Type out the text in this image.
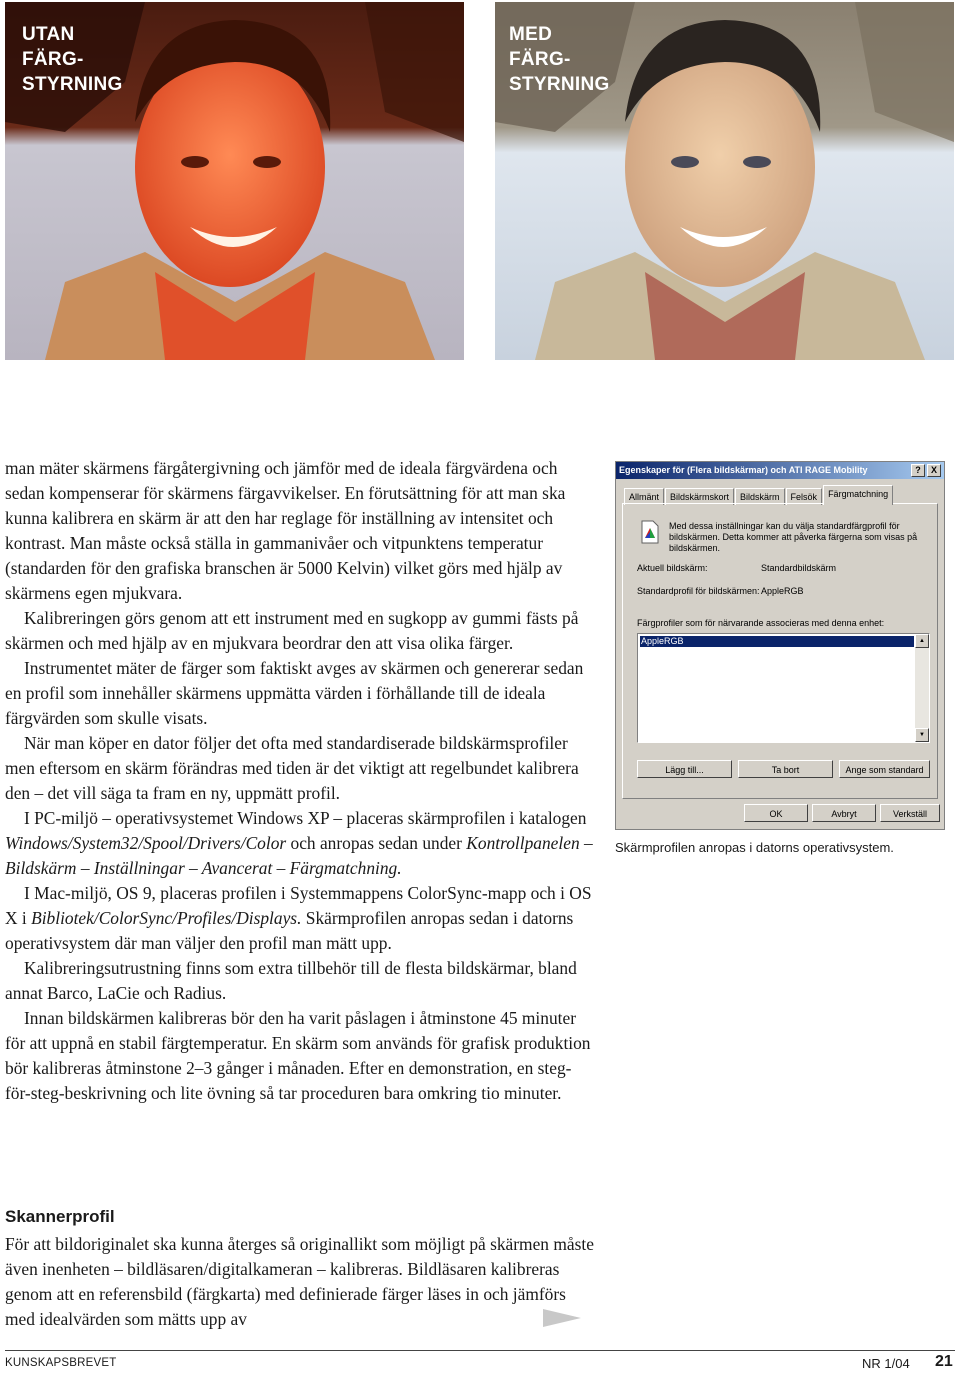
UTAN
FÄRG-
STYRNING
MED
FÄRG-
STYRNING

man mäter skärmens färgåtergivning och jämför med de ideala färgvärdena och sedan kompenserar för skärmens färgavvikelser. En förutsättning för att man ska kunna kalibrera en skärm är att den har reglage för inställning av intensitet och kontrast. Man måste också ställa in gammanivåer och vitpunktens temperatur (standarden för den grafiska branschen är 5000 Kelvin) vilket görs med hjälp av skärmens egen mjukvara.

Kalibreringen görs genom att ett instrument med en sugkopp av gummi fästs på skärmen och med hjälp av en mjukvara beordrar den att visa olika färger.

Instrumentet mäter de färger som faktiskt avges av skärmen och genererar sedan en profil som innehåller skärmens uppmätta värden i förhållande till de ideala färgvärden som skulle visats.

När man köper en dator följer det ofta med standardiserade bildskärmsprofiler men eftersom en skärm förändras med tiden är det viktigt att regelbundet kalibrera den – det vill säga ta fram en ny, uppmätt profil.

I PC-miljö – operativsystemet Windows XP – placeras skärmprofilen i katalogen Windows/System32/Spool/Drivers/Color och anropas sedan under Kontrollpanelen – Bildskärm – Inställningar – Avancerat – Färgmatchning.

I Mac-miljö, OS 9, placeras profilen i Systemmappens ColorSync-mapp och i OS X i Bibliotek/ColorSync/Profiles/Displays. Skärmprofilen anropas sedan i datorns operativsystem där man väljer den profil man mätt upp.

Kalibreringsutrustning finns som extra tillbehör till de flesta bildskärmar, bland annat Barco, LaCie och Radius.

Innan bildskärmen kalibreras bör den ha varit påslagen i åtminstone 45 minuter för att uppnå en stabil färgtemperatur. En skärm som används för grafisk produktion bör kalibreras åtminstone 2–3 gånger i månaden. Efter en demonstration, en steg-för-steg-beskrivning och lite övning så tar proceduren bara omkring tio minuter.

Skannerprofil

För att bildoriginalet ska kunna återges så originallikt som möjligt på skärmen måste även inenheten – bildläsaren/digitalkameran – kalibreras. Bildläsaren kalibreras genom att en referensbild (färgkarta) med definierade färger läses in och jämförs med idealvärden som mätts upp av

Egenskaper för (Flera bildskärmar) och ATI RAGE Mobility	?	X
Allmänt	Bildskärmskort	Bildskärm	Felsök	Färgmatchning
Med dessa inställningar kan du välja standardfärgprofil för bildskärmen. Detta kommer att påverka färgerna som visas på bildskärmen.
Aktuell bildskärm:	Standardbildskärm
Standardprofil för bildskärmen: AppleRGB
Färgprofiler som för närvarande associeras med denna enhet:
AppleRGB	▲
▼
Lägg till...	Ta bort	Ange som standard
OK	Avbryt	Verkställ
Skärmprofilen anropas i datorns operativsystem.
KUNSKAPSBREVET	NR 1/04 21
